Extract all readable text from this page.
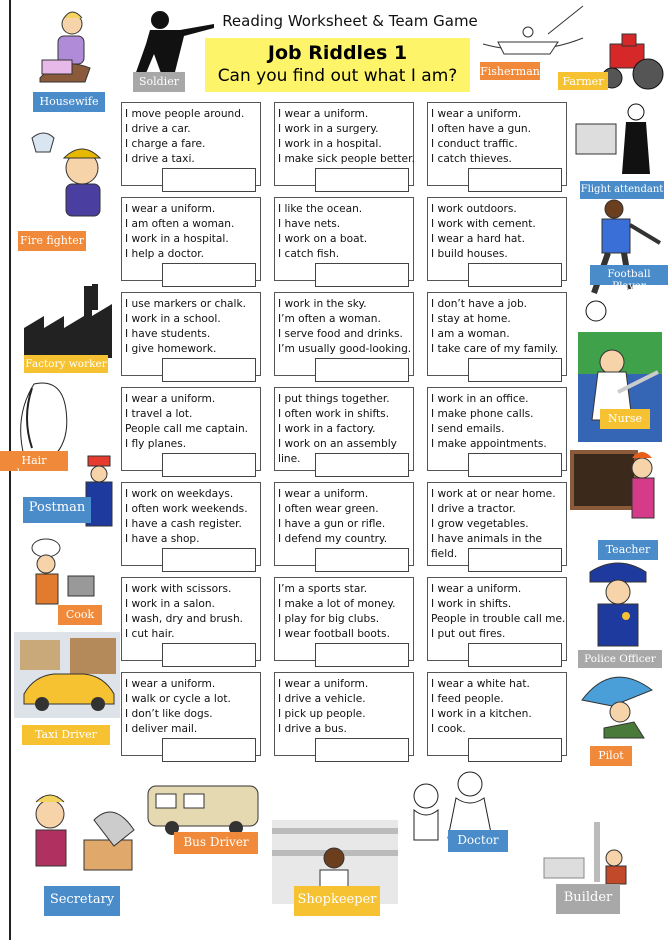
Reading Worksheet & Team Game
Job Riddles 1
Can you find out what I am?
I move people around.
I drive a car.
I charge a fare.
I drive a taxi.
I wear a uniform.
I work in a surgery.
I work in a hospital.
I make sick people better.
I wear a uniform.
I often have a gun.
I conduct traffic.
I catch thieves.
I wear a uniform.
I am often a woman.
I work in a hospital.
I help a doctor.
I like the ocean.
I have nets.
I work on a boat.
I catch fish.
I work outdoors.
I work with cement.
I wear a hard hat.
I build houses.
I use markers or chalk.
I work in a school.
I have students.
I give homework.
I work in the sky.
I’m often a woman.
I serve food and drinks.
I’m usually good-looking.
I don’t have a job.
I stay at home.
I am a woman.
I take care of my family.
I wear a uniform.
I travel a lot.
People call me captain.
I fly planes.
I put things together.
I often work in shifts.
I work in a factory.
I work on an assembly
line.
I work in an office.
I make phone calls.
I send emails.
I make appointments.
I work on weekdays.
I often work weekends.
I have a cash register.
I have a shop.
I wear a uniform.
I often wear green.
I have a gun or rifle.
I defend my country.
I work at or near home.
I drive a tractor.
I grow vegetables.
I have animals in the
field.
I work with scissors.
I work in a salon.
I wash, dry and brush.
I cut hair.
I’m a sports star.
I make a lot of money.
I play for big clubs.
I wear football boots.
I wear a uniform.
I work in shifts.
People in trouble call me.
I put out fires.
I wear a uniform.
I walk or cycle a lot.
I don’t like dogs.
I deliver mail.
I wear a uniform.
I drive a vehicle.
I pick up people.
I drive a bus.
I wear a white hat.
I feed people.
I work in a kitchen.
I cook.
Housewife
Soldier
Fisherman
Farmer
Flight attendant
Fire fighter
Football Player
Factory worker
Nurse
Hair dresser
Postman
Teacher
Cook
Police Officer
Taxi Driver
Pilot
Bus Driver	Doctor
Secretary	Shopkeeper	Builder
